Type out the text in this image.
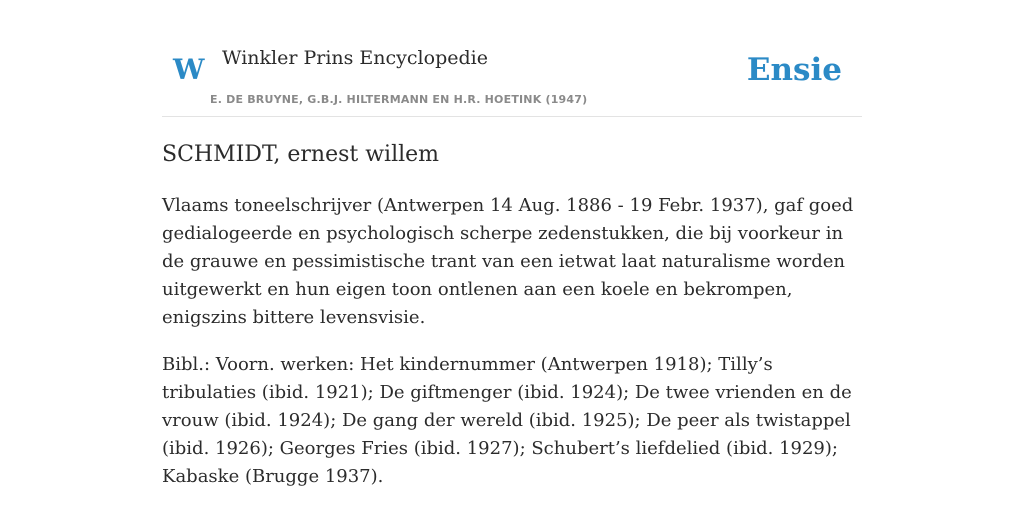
W Winkler Prins Encyclopedie
E. DE BRUYNE, G.B.J. HILTERMANN EN H.R. HOETINK (1947)
Ensie
SCHMIDT, ernest willem

Vlaams toneelschrijver (Antwerpen 14 Aug. 1886 - 19 Febr. 1937), gaf goed gedialogeerde en psychologisch scherpe zedenstukken, die bij voorkeur in de grauwe en pessimistische trant van een ietwat laat naturalisme worden uitgewerkt en hun eigen toon ontlenen aan een koele en bekrompen, enigszins bittere levensvisie.

Bibl.: Voorn. werken: Het kindernummer (Antwerpen 1918); Tilly’s tribulaties (ibid. 1921); De giftmenger (ibid. 1924); De twee vrienden en de vrouw (ibid. 1924); De gang der wereld (ibid. 1925); De peer als twistappel (ibid. 1926); Georges Fries (ibid. 1927); Schubert’s liefdelied (ibid. 1929); Kabaske (Brugge 1937).
